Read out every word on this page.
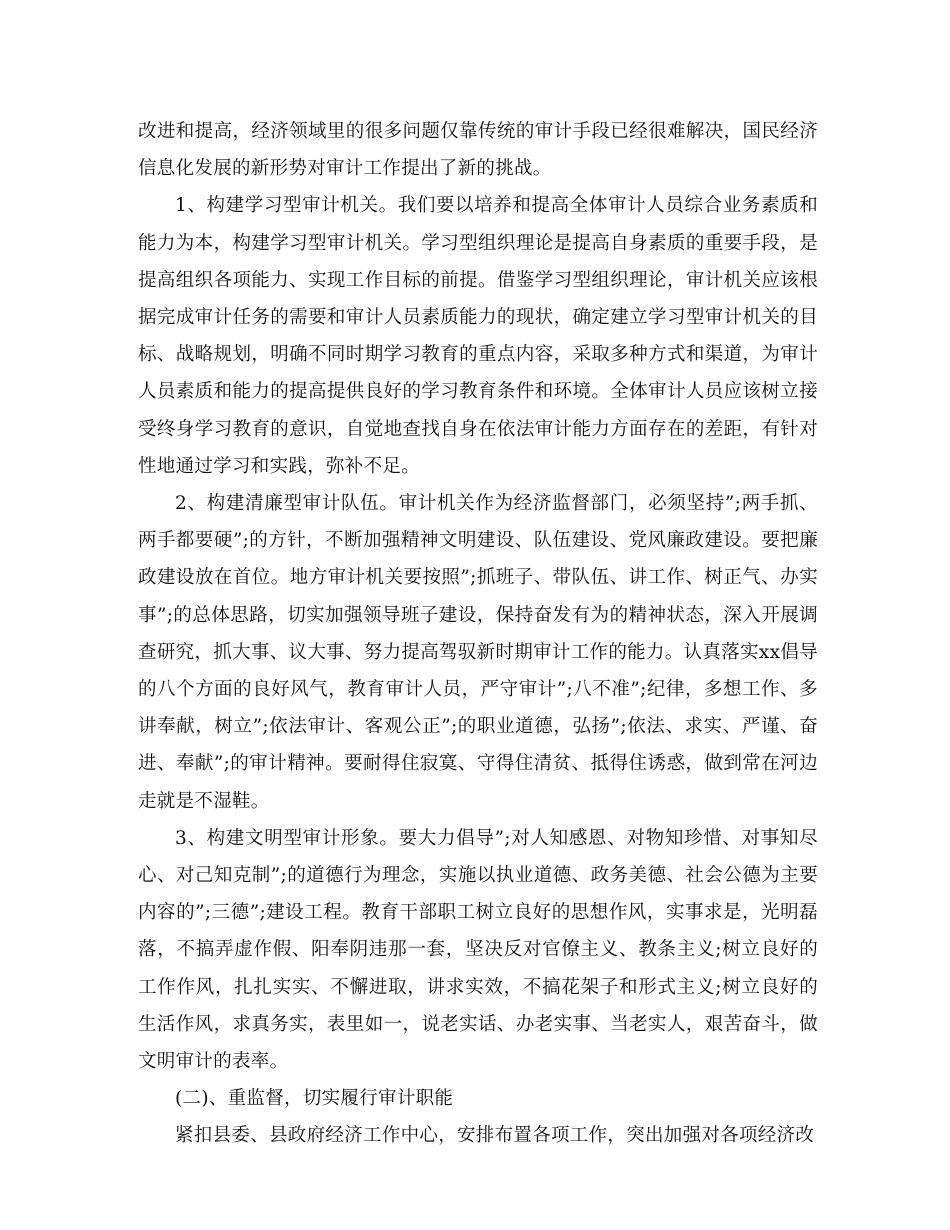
改进和提高，经济领域里的很多问题仅靠传统的审计手段已经很难解决，国民经济信息化发展的新形势对审计工作提出了新的挑战。

1、构建学习型审计机关。我们要以培养和提高全体审计人员综合业务素质和能力为本，构建学习型审计机关。学习型组织理论是提高自身素质的重要手段，是提高组织各项能力、实现工作目标的前提。借鉴学习型组织理论，审计机关应该根据完成审计任务的需要和审计人员素质能力的现状，确定建立学习型审计机关的目标、战略规划，明确不同时期学习教育的重点内容，采取多种方式和渠道，为审计人员素质和能力的提高提供良好的学习教育条件和环境。全体审计人员应该树立接受终身学习教育的意识，自觉地查找自身在依法审计能力方面存在的差距，有针对性地通过学习和实践，弥补不足。

2、构建清廉型审计队伍。审计机关作为经济监督部门，必须坚持”;两手抓、两手都要硬”;的方针，不断加强精神文明建设、队伍建设、党风廉政建设。要把廉政建设放在首位。地方审计机关要按照”;抓班子、带队伍、讲工作、树正气、办实事”;的总体思路，切实加强领导班子建设，保持奋发有为的精神状态，深入开展调查研究，抓大事、议大事、努力提高驾驭新时期审计工作的能力。认真落实xx倡导的八个方面的良好风气，教育审计人员，严守审计”;八不准”;纪律，多想工作、多讲奉献，树立”;依法审计、客观公正”;的职业道德，弘扬”;依法、求实、严谨、奋进、奉献”;的审计精神。要耐得住寂寞、守得住清贫、抵得住诱惑，做到常在河边走就是不湿鞋。

3、构建文明型审计形象。要大力倡导”;对人知感恩、对物知珍惜、对事知尽心、对己知克制”;的道德行为理念，实施以执业道德、政务美德、社会公德为主要内容的”;三德”;建设工程。教育干部职工树立良好的思想作风，实事求是，光明磊落，不搞弄虚作假、阳奉阴违那一套，坚决反对官僚主义、教条主义;树立良好的工作作风，扎扎实实、不懈进取，讲求实效，不搞花架子和形式主义;树立良好的生活作风，求真务实，表里如一，说老实话、办老实事、当老实人，艰苦奋斗，做文明审计的表率。

(二)、重监督，切实履行审计职能

紧扣县委、县政府经济工作中心，安排布置各项工作，突出加强对各项经济改
